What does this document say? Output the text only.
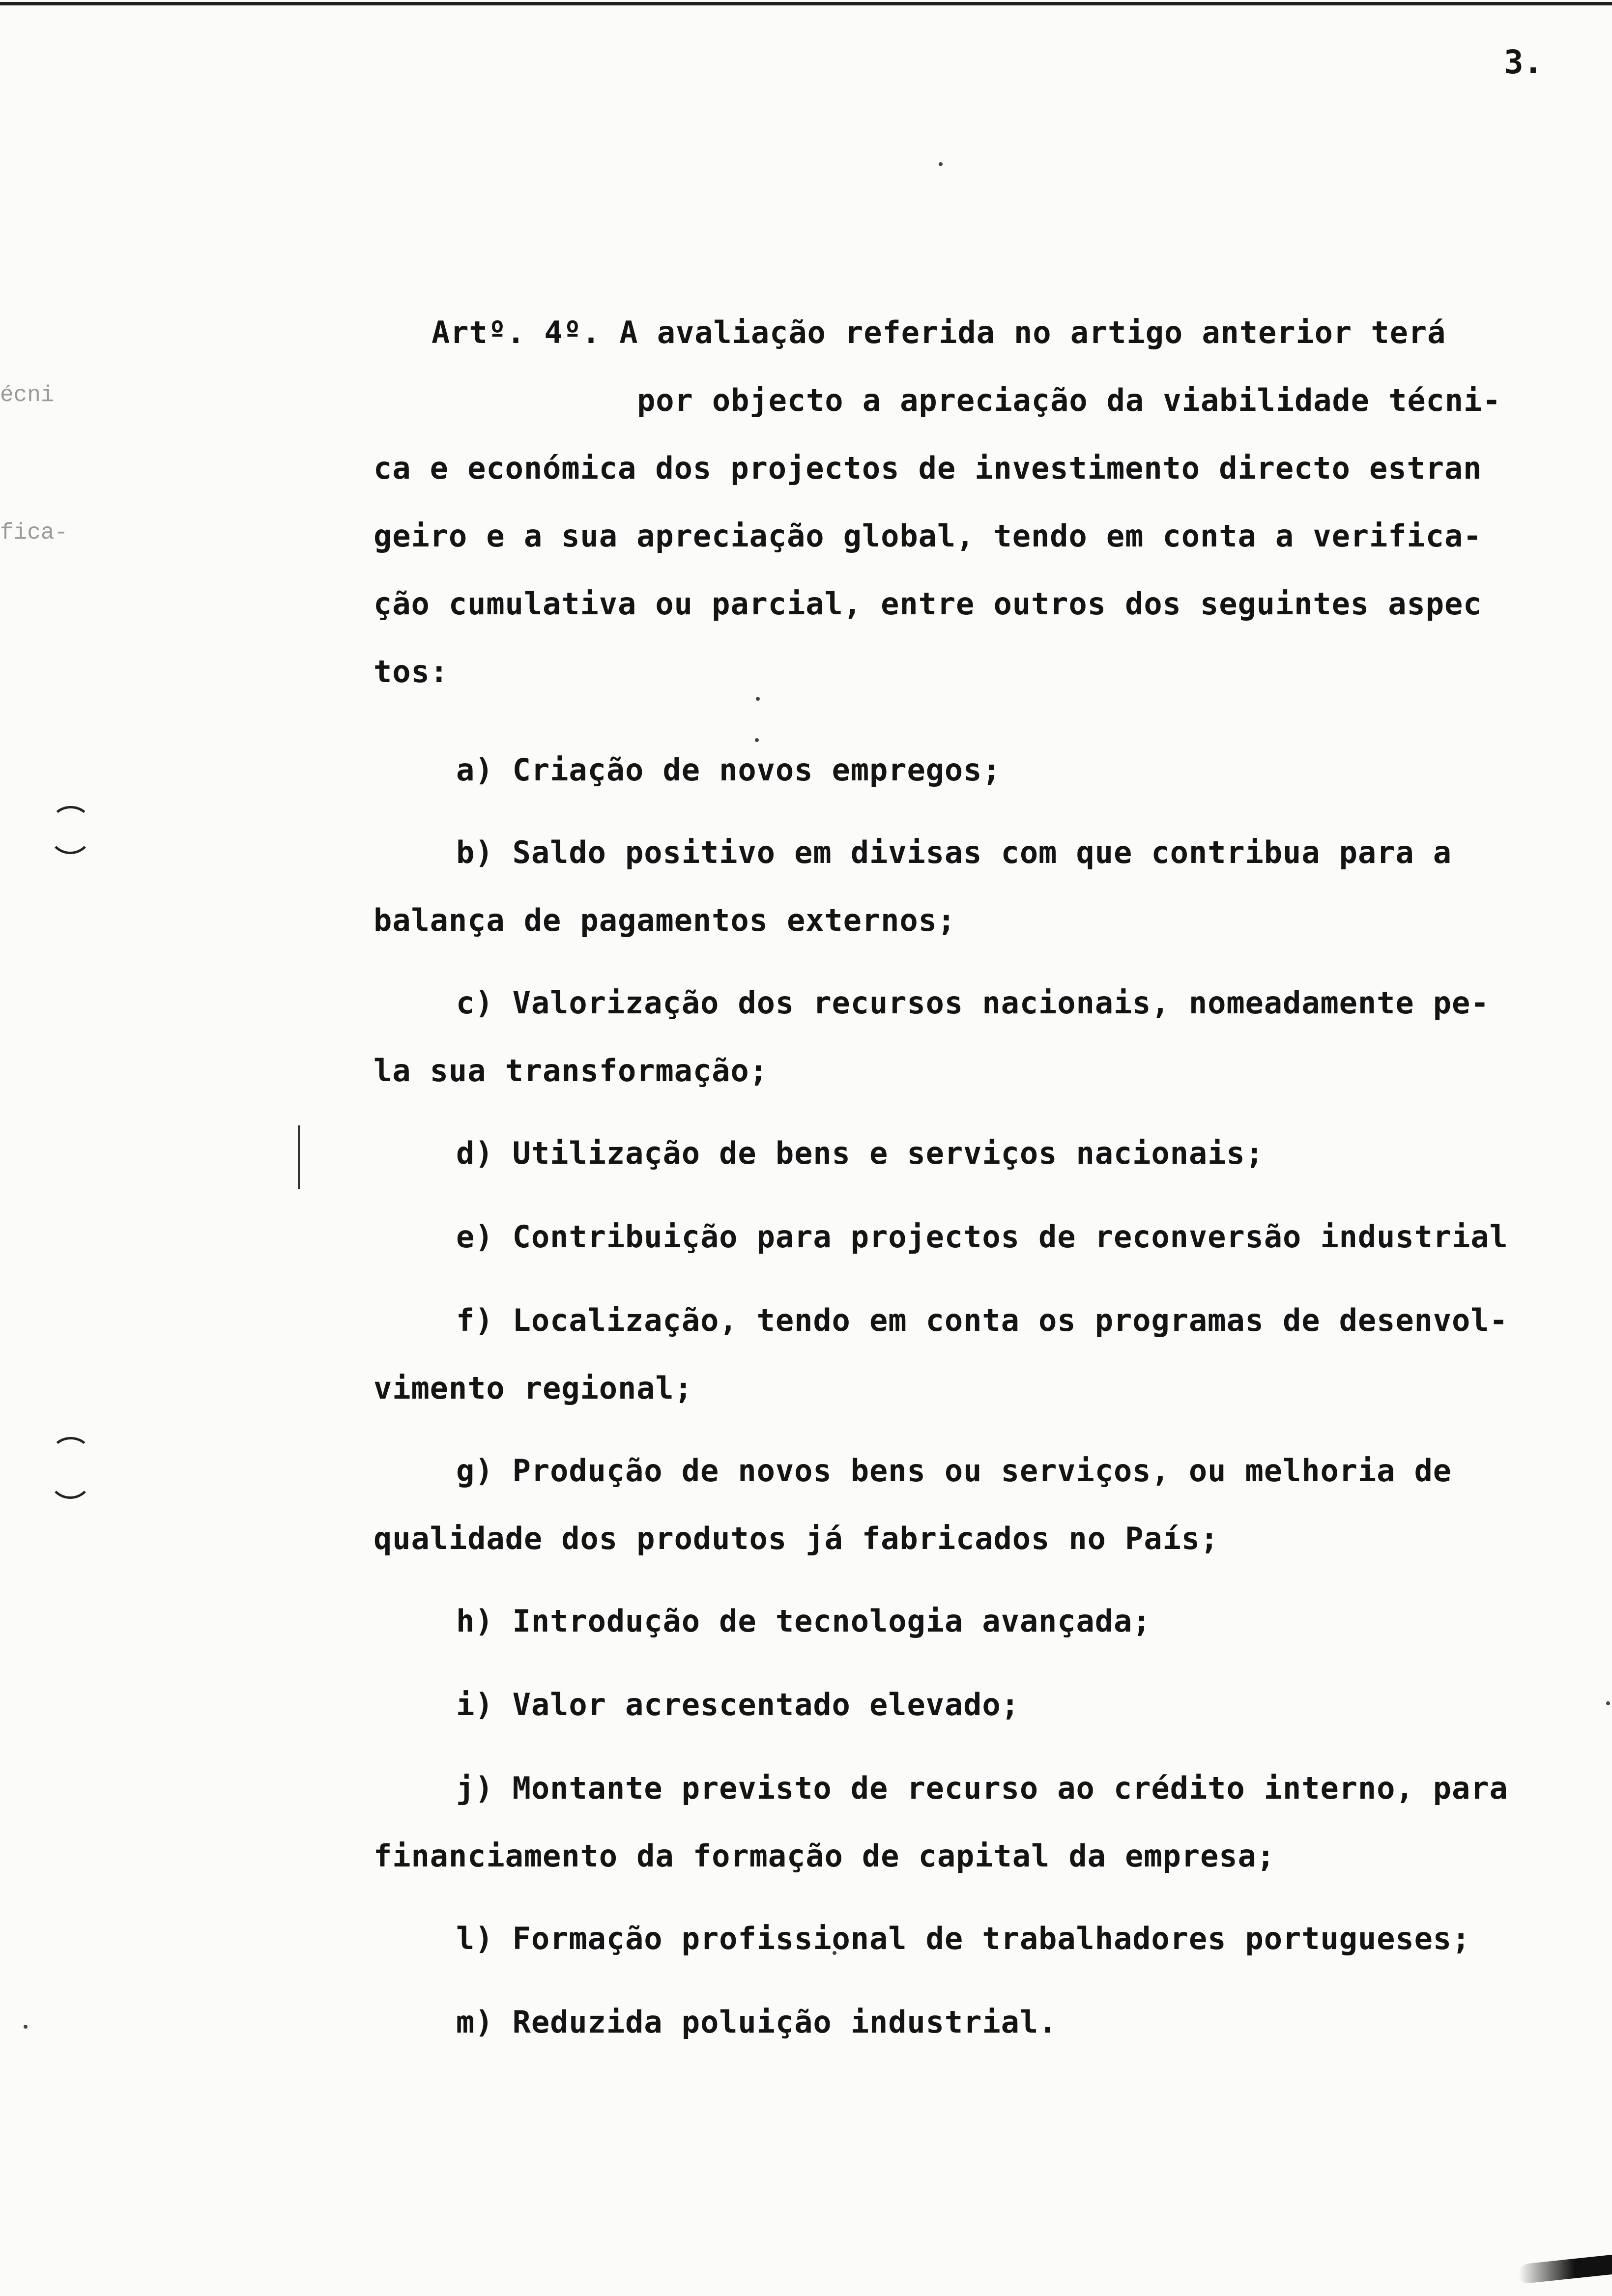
3.
écni
fica-
Artº. 4º. A avaliação referida no artigo anterior terá
por objecto a apreciação da viabilidade técni-
ca e económica dos projectos de investimento directo estran
geiro e a sua apreciação global, tendo em conta a verifica-
ção cumulativa ou parcial, entre outros dos seguintes aspec
tos:
a) Criação de novos empregos;
b) Saldo positivo em divisas com que contribua para a
balança de pagamentos externos;
c) Valorização dos recursos nacionais, nomeadamente pe-
la sua transformação;
d) Utilização de bens e serviços nacionais;
e) Contribuição para projectos de reconversão industrial
f) Localização, tendo em conta os programas de desenvol-
vimento regional;
g) Produção de novos bens ou serviços, ou melhoria de
qualidade dos produtos já fabricados no País;
h) Introdução de tecnologia avançada;
i) Valor acrescentado elevado;
j) Montante previsto de recurso ao crédito interno, para
financiamento da formação de capital da empresa;
l) Formação profissional de trabalhadores portugueses;
m) Reduzida poluição industrial.
